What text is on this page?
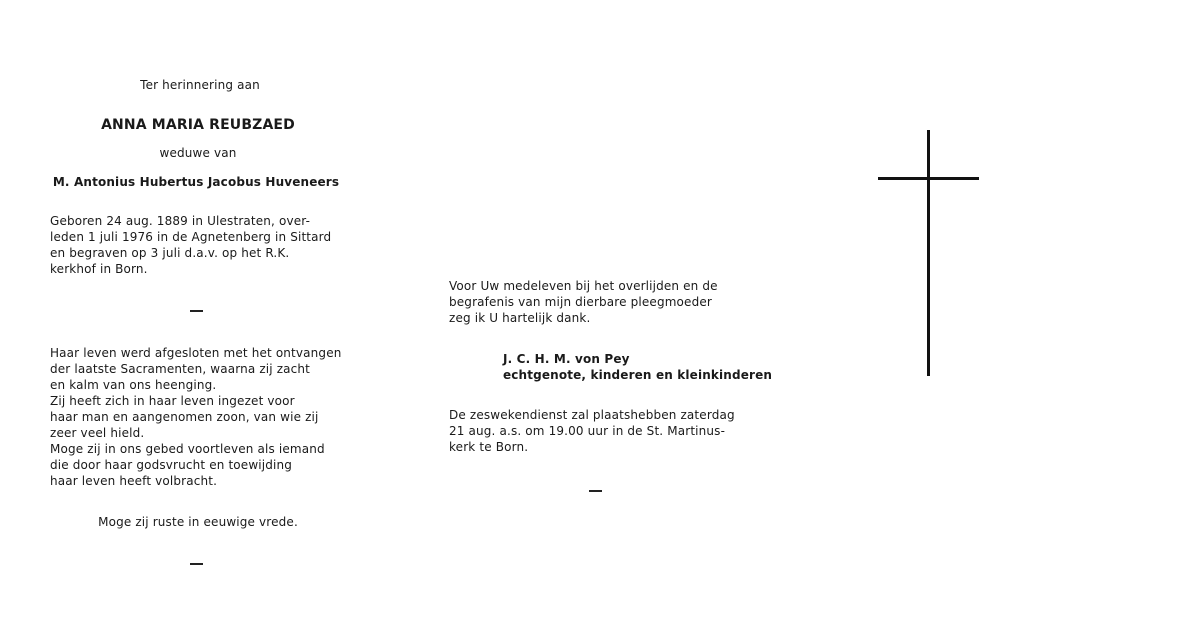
Ter herinnering aan
ANNA MARIA REUBZAED
weduwe van
M. Antonius Hubertus Jacobus Huveneers
Geboren 24 aug. 1889 in Ulestraten, over-
leden 1 juli 1976 in de Agnetenberg in Sittard
en begraven op 3 juli d.a.v. op het R.K.
kerkhof in Born.
Haar leven werd afgesloten met het ontvangen
der laatste Sacramenten, waarna zij zacht
en kalm van ons heenging.
Zij heeft zich in haar leven ingezet voor
haar man en aangenomen zoon, van wie zij
zeer veel hield.
Moge zij in ons gebed voortleven als iemand
die door haar godsvrucht en toewijding
haar leven heeft volbracht.
Moge zij ruste in eeuwige vrede.
Voor Uw medeleven bij het overlijden en de
begrafenis van mijn dierbare pleegmoeder
zeg ik U hartelijk dank.
J. C. H. M. von Pey
echtgenote, kinderen en kleinkinderen
De zeswekendienst zal plaatshebben zaterdag
21 aug. a.s. om 19.00 uur in de St. Martinus-
kerk te Born.
